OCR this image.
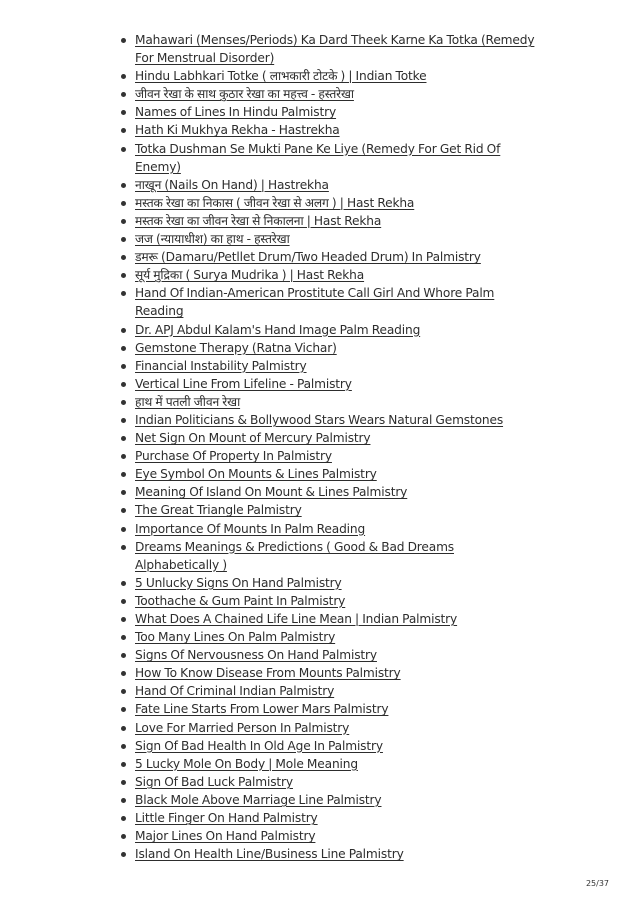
Mahawari (Menses/Periods) Ka Dard Theek Karne Ka Totka (Remedy For Menstrual Disorder)
Hindu Labhkari Totke ( लाभकारी टोटके ) | Indian Totke
जीवन रेखा के साथ कुठार रेखा का महत्त्व - हस्तरेखा
Names of Lines In Hindu Palmistry
Hath Ki Mukhya Rekha - Hastrekha
Totka Dushman Se Mukti Pane Ke Liye (Remedy For Get Rid Of Enemy)
नाखून (Nails On Hand) | Hastrekha
मस्तक रेखा का निकास ( जीवन रेखा से अलग ) | Hast Rekha
मस्तक रेखा का जीवन रेखा से निकालना | Hast Rekha
जज (न्यायाधीश) का हाथ - हस्तरेखा
डमरू (Damaru/Petllet Drum/Two Headed Drum) In Palmistry
सूर्य मुद्रिका ( Surya Mudrika ) | Hast Rekha
Hand Of Indian-American Prostitute Call Girl And Whore Palm Reading
Dr. APJ Abdul Kalam's Hand Image Palm Reading
Gemstone Therapy (Ratna Vichar)
Financial Instability Palmistry
Vertical Line From Lifeline - Palmistry
हाथ में पतली जीवन रेखा
Indian Politicians & Bollywood Stars Wears Natural Gemstones
Net Sign On Mount of Mercury Palmistry
Purchase Of Property In Palmistry
Eye Symbol On Mounts & Lines Palmistry
Meaning Of Island On Mount & Lines Palmistry
The Great Triangle Palmistry
Importance Of Mounts In Palm Reading
Dreams Meanings & Predictions ( Good & Bad Dreams Alphabetically )
5 Unlucky Signs On Hand Palmistry
Toothache & Gum Paint In Palmistry
What Does A Chained Life Line Mean | Indian Palmistry
Too Many Lines On Palm Palmistry
Signs Of Nervousness On Hand Palmistry
How To Know Disease From Mounts Palmistry
Hand Of Criminal Indian Palmistry
Fate Line Starts From Lower Mars Palmistry
Love For Married Person In Palmistry
Sign Of Bad Health In Old Age In Palmistry
5 Lucky Mole On Body | Mole Meaning
Sign Of Bad Luck Palmistry
Black Mole Above Marriage Line Palmistry
Little Finger On Hand Palmistry
Major Lines On Hand Palmistry
Island On Health Line/Business Line Palmistry
25/37
